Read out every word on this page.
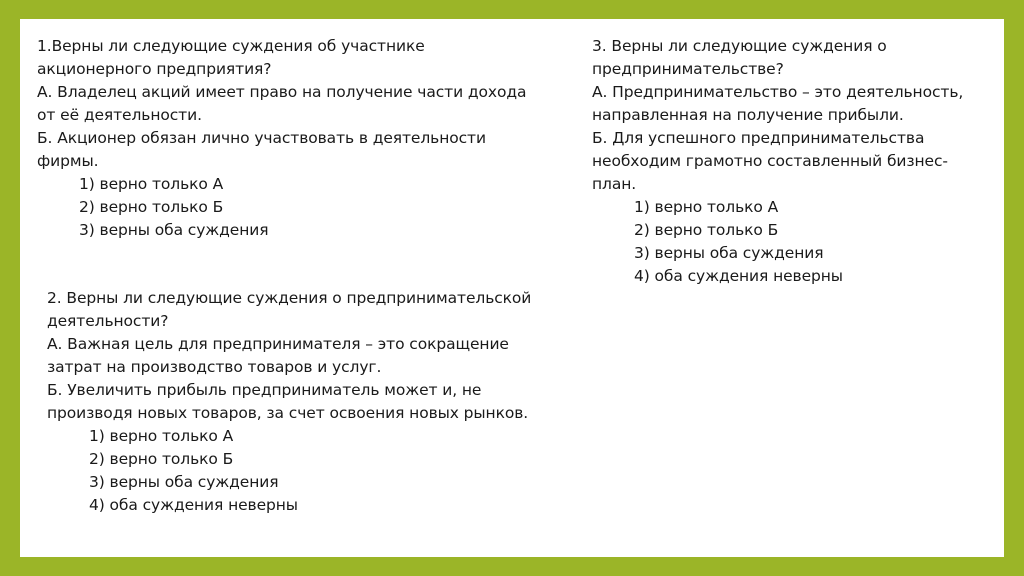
1.Верны ли следующие суждения об участнике
акционерного предприятия?
А. Владелец акций имеет право на получение части дохода
от её деятельности.
Б. Акционер обязан лично участвовать в деятельности
фирмы.
1) верно только А
2) верно только Б
3) верны оба суждения
2. Верны ли следующие суждения о предпринимательской
деятельности?
А. Важная цель для предпринимателя – это сокращение
затрат на производство товаров и услуг.
Б. Увеличить прибыль предприниматель может и, не
производя новых товаров, за счет освоения новых рынков.
1) верно только А
2) верно только Б
3) верны оба суждения
4) оба суждения неверны
3. Верны ли следующие суждения о
предпринимательстве?
А. Предпринимательство – это деятельность,
направленная на получение прибыли.
Б. Для успешного предпринимательства
необходим грамотно составленный бизнес-
план.
1) верно только А
2) верно только Б
3) верны оба суждения
4) оба суждения неверны
